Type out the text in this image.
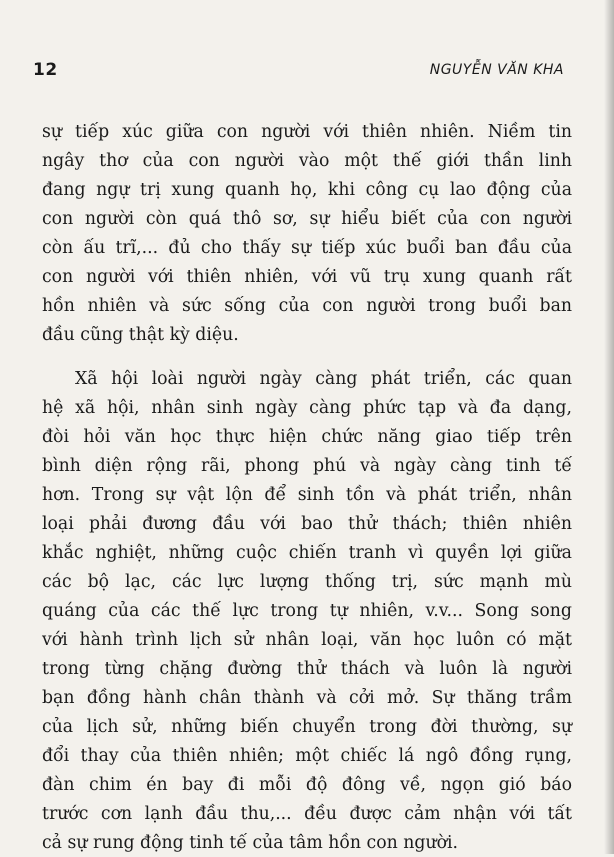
12	NGUYỄN VĂN KHA
sự tiếp xúc giữa con người với thiên nhiên. Niềm tin
ngây thơ của con người vào một thế giới thần linh
đang ngự trị xung quanh họ, khi công cụ lao động của
con người còn quá thô sơ, sự hiểu biết của con người
còn ấu trĩ,... đủ cho thấy sự tiếp xúc buổi ban đầu của
con người với thiên nhiên, với vũ trụ xung quanh rất
hồn nhiên và sức sống của con người trong buổi ban
đầu cũng thật kỳ diệu.
Xã hội loài người ngày càng phát triển, các quan
hệ xã hội, nhân sinh ngày càng phức tạp và đa dạng,
đòi hỏi văn học thực hiện chức năng giao tiếp trên
bình diện rộng rãi, phong phú và ngày càng tinh tế
hơn. Trong sự vật lộn để sinh tồn và phát triển, nhân
loại phải đương đầu với bao thử thách; thiên nhiên
khắc nghiệt, những cuộc chiến tranh vì quyền lợi giữa
các bộ lạc, các lực lượng thống trị, sức mạnh mù
quáng của các thế lực trong tự nhiên, v.v... Song song
với hành trình lịch sử nhân loại, văn học luôn có mặt
trong từng chặng đường thử thách và luôn là người
bạn đồng hành chân thành và cởi mở. Sự thăng trầm
của lịch sử, những biến chuyển trong đời thường, sự
đổi thay của thiên nhiên; một chiếc lá ngô đồng rụng,
đàn chim én bay đi mỗi độ đông về, ngọn gió báo
trước cơn lạnh đầu thu,... đều được cảm nhận với tất
cả sự rung động tinh tế của tâm hồn con người.
